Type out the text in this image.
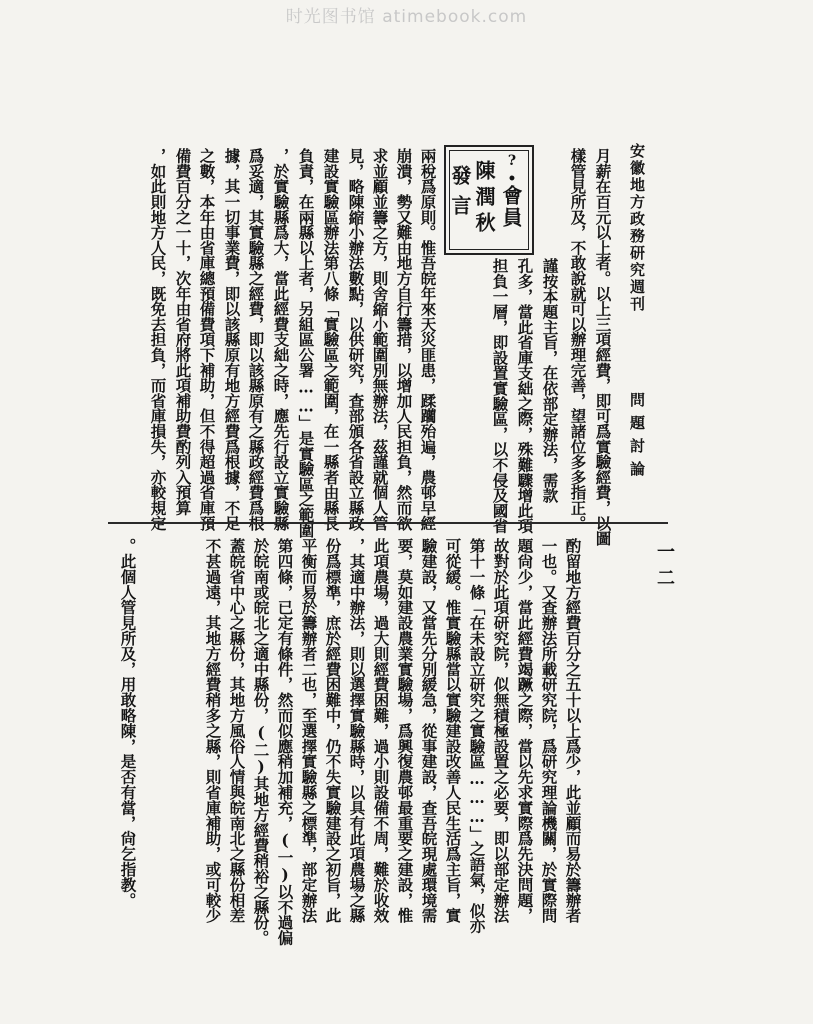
时光图书馆 atimebook.com
安徽地方政務研究週刊
問題討論
一二
?•
會員
陳潤秋
發言	月薪在百元以上者。以上三項經費，即可爲實驗經費，以圖
樣管見所及，不敢說就可以辦理完善，望諸位多多指正。
謹按本題主旨，在依部定辦法，需款
孔多，當此省庫支絀之際，殊難驟增此項
担負一層，即設置實驗區，以不侵及國省
兩稅爲原則。惟吾皖年來天災匪患，蹂躪殆遍，農邨早經
崩潰，勢又難由地方自行籌措，以增加人民担負，然而欲
求並顧並籌之方，則舍縮小範圍別無辦法，茲謹就個人管
見，略陳縮小辦法數點，以供研究，查部頒各省設立縣政
建設實驗區辦法第八條「實驗區之範圍，在一縣者由縣長
負責，在兩縣以上者，另組區公署……」是實驗區之範圍
，於實驗縣爲大，當此經費支絀之時，應先行設立實驗縣
爲妥適，其實驗縣之經費，即以該縣原有之縣政經費爲根
據，其一切事業費，即以該縣原有地方經費爲根據，不足
之數，本年由省庫總預備費項下補助，但不得超過省庫預
備費百分之一十，次年由省府將此項補助費酌列入預算
，如此則地方人民，既免去担負，而省庫損失，亦較規定
酌留地方經費百分之五十以上爲少，此並顧而易於籌辦者
一也。又查辦法所載研究院，爲研究理論機關，於實際問
題尙少，當此經費竭蹶之際，當以先求實際爲先決問題，
故對於此項研究院，似無積極設置之必要，即以部定辦法
第十一條「在未設立研究之實驗區………」之語氣，似亦
可從緩。惟實驗縣當以實驗建設改善人民生活爲主旨，實
驗建設，又當先分別緩急，從事建設，查吾皖現處環境需
要，莫如建設農業實驗場，爲興復農邨最重要之建設，惟
此項農場，過大則經費困難，過小則設備不周，難於收效
，其適中辦法，則以選擇實驗縣時，以具有此項農場之縣
份爲標準，庶於經費困難中，仍不失實驗建設之初旨，此
平衡而易於籌辦者二也，至選擇實驗縣之標準，部定辦法
第四條，已定有條件，然而似應稍加補充，(一)以不過偏
於皖南或皖北之適中縣份，(二)其地方經費稍裕之縣份。
蓋皖省中心之縣份，其地方風俗人情與皖南北之縣份相差
不甚過遠，其地方經費稍多之縣，則省庫補助，或可較少
。此個人管見所及，用敢略陳，是否有當，尙乞指教。
